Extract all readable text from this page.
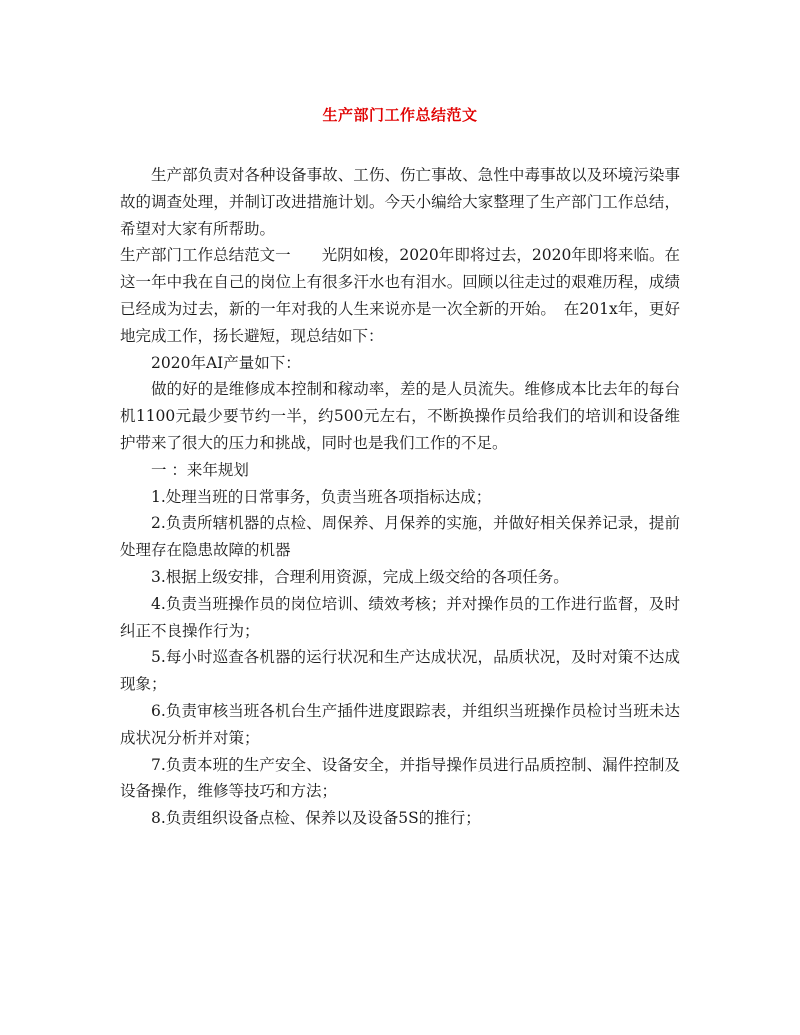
生产部门工作总结范文

生产部负责对各种设备事故、工伤、伤亡事故、急性中毒事故以及环境污染事故的调查处理，并制订改进措施计划。今天小编给大家整理了生产部门工作总结，希望对大家有所帮助。

生产部门工作总结范文一　　光阴如梭，2020年即将过去，2020年即将来临。在这一年中我在自己的岗位上有很多汗水也有泪水。回顾以往走过的艰难历程，成绩已经成为过去，新的一年对我的人生来说亦是一次全新的开始。　在201x年，更好地完成工作，扬长避短，现总结如下：

2020年AI产量如下：

做的好的是维修成本控制和稼动率，差的是人员流失。维修成本比去年的每台机1100元最少要节约一半，约500元左右，不断换操作员给我们的培训和设备维护带来了很大的压力和挑战，同时也是我们工作的不足。

一 ：来年规划

1.处理当班的日常事务，负责当班各项指标达成；

2.负责所辖机器的点检、周保养、月保养的实施，并做好相关保养记录，提前处理存在隐患故障的机器

3.根据上级安排，合理利用资源，完成上级交给的各项任务。

4.负责当班操作员的岗位培训、绩效考核；并对操作员的工作进行监督，及时纠正不良操作行为；

5.每小时巡查各机器的运行状况和生产达成状况，品质状况，及时对策不达成现象；

6.负责审核当班各机台生产插件进度跟踪表，并组织当班操作员检讨当班未达成状况分析并对策；

7.负责本班的生产安全、设备安全，并指导操作员进行品质控制、漏件控制及设备操作，维修等技巧和方法；

8.负责组织设备点检、保养以及设备5S的推行；
